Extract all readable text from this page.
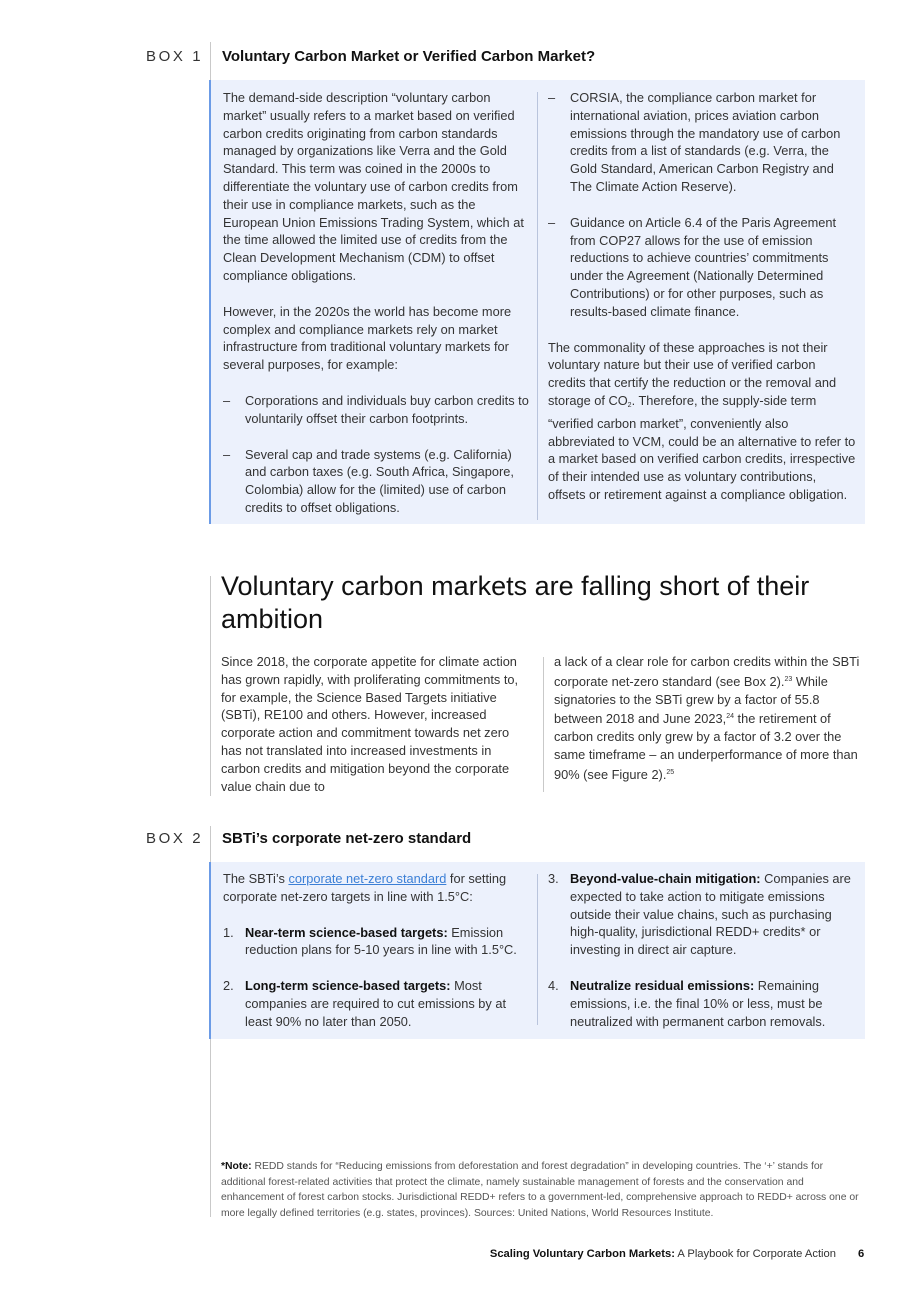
BOX 1 Voluntary Carbon Market or Verified Carbon Market?

The demand-side description “voluntary carbon market” usually refers to a market based on verified carbon credits originating from carbon standards managed by organizations like Verra and the Gold Standard. This term was coined in the 2000s to differentiate the voluntary use of carbon credits from their use in compliance markets, such as the European Union Emissions Trading System, which at the time allowed the limited use of credits from the Clean Development Mechanism (CDM) to offset compliance obligations.

However, in the 2020s the world has become more complex and compliance markets rely on market infrastructure from traditional voluntary markets for several purposes, for example:

– Corporations and individuals buy carbon credits to voluntarily offset their carbon footprints.
– Several cap and trade systems (e.g. California) and carbon taxes (e.g. South Africa, Singapore, Colombia) allow for the (limited) use of carbon credits to offset obligations.
– CORSIA, the compliance carbon market for international aviation, prices aviation carbon emissions through the mandatory use of carbon credits from a list of standards (e.g. Verra, the Gold Standard, American Carbon Registry and The Climate Action Reserve).
– Guidance on Article 6.4 of the Paris Agreement from COP27 allows for the use of emission reductions to achieve countries’ commitments under the Agreement (Nationally Determined Contributions) or for other purposes, such as results-based climate finance.

The commonality of these approaches is not their voluntary nature but their use of verified carbon credits that certify the reduction or the removal and storage of $CO_2$. Therefore, the supply-side term “verified carbon market”, conveniently also abbreviated to VCM, could be an alternative to refer to a market based on verified carbon credits, irrespective of their intended use as voluntary contributions, offsets or retirement against a compliance obligation.

Voluntary carbon markets are falling short of their ambition

Since 2018, the corporate appetite for climate action has grown rapidly, with proliferating commitments to, for example, the Science Based Targets initiative (SBTi), RE100 and others. However, increased corporate action and commitment towards net zero has not translated into increased investments in carbon credits and mitigation beyond the corporate value chain due to

a lack of a clear role for carbon credits within the SBTi corporate net-zero standard (see Box 2).$^{23}$ While signatories to the SBTi grew by a factor of 55.8 between 2018 and June 2023,24 the retirement of carbon credits only grew by a factor of 3.2 over the same timeframe – an underperformance of more than 90% (see Figure 2).$^{25}$

BOX 2 SBTi’s corporate net-zero standard

The SBTi’s corporate net-zero standard for setting corporate net-zero targets in line with 1.5°C:

1. Near-term science-based targets: Emission reduction plans for 5-10 years in line with 1.5°C.
2. Long-term science-based targets: Most companies are required to cut emissions by at least 90% no later than 2050.
3. Beyond-value-chain mitigation: Companies are expected to take action to mitigate emissions outside their value chains, such as purchasing high-quality, jurisdictional REDD+ credits* or investing in direct air capture.
4. Neutralize residual emissions: Remaining emissions, i.e. the final 10% or less, must be neutralized with permanent carbon removals.

*Note: REDD stands for “Reducing emissions from deforestation and forest degradation” in developing countries. The ‘+’ stands for additional forest-related activities that protect the climate, namely sustainable management of forests and the conservation and enhancement of forest carbon stocks. Jurisdictional REDD+ refers to a government-led, comprehensive approach to REDD+ across one or more legally defined territories (e.g. states, provinces). Sources: United Nations, World Resources Institute.

Scaling Voluntary Carbon Markets: A Playbook for Corporate Action 6
